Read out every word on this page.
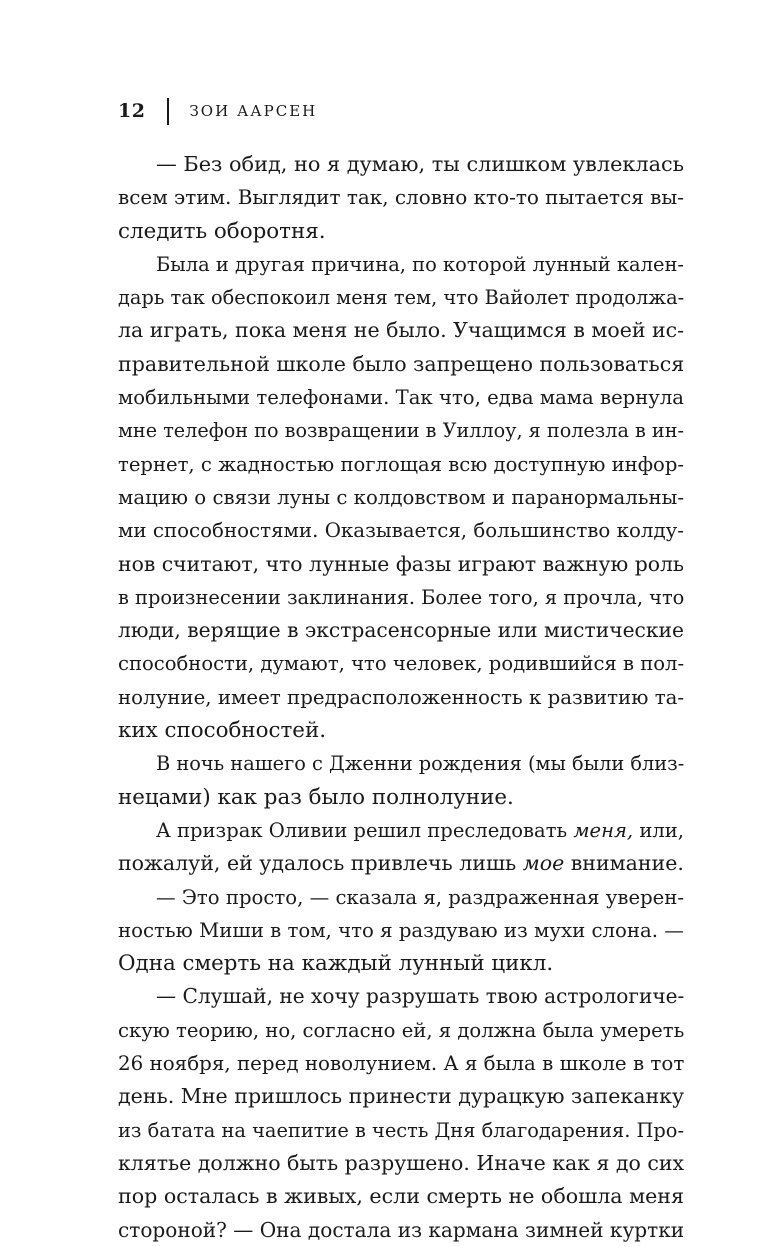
12	ЗОИ ААРСЕН
— Без обид, но я думаю, ты слишком увлеклась
всем этим. Выглядит так, словно кто-то пытается вы-
следить оборотня.
Была и другая причина, по которой лунный кален-
дарь так обеспокоил меня тем, что Вайолет продолжа-
ла играть, пока меня не было. Учащимся в моей ис-
правительной школе было запрещено пользоваться
мобильными телефонами. Так что, едва мама вернула
мне телефон по возвращении в Уиллоу, я полезла в ин-
тернет, с жадностью поглощая всю доступную инфор-
мацию о связи луны с колдовством и паранормальны-
ми способностями. Оказывается, большинство колду-
нов считают, что лунные фазы играют важную роль
в произнесении заклинания. Более того, я прочла, что
люди, верящие в экстрасенсорные или мистические
способности, думают, что человек, родившийся в пол-
нолуние, имеет предрасположенность к развитию та-
ких способностей.
В ночь нашего с Дженни рождения (мы были близ-
нецами) как раз было полнолуние.
А призрак Оливии решил преследовать меня, или,
пожалуй, ей удалось привлечь лишь мое внимание.
— Это просто, — сказала я, раздраженная уверен-
ностью Миши в том, что я раздуваю из мухи слона. —
Одна смерть на каждый лунный цикл.
— Слушай, не хочу разрушать твою астрологиче-
скую теорию, но, согласно ей, я должна была умереть
26 ноября, перед новолунием. А я была в школе в тот
день. Мне пришлось принести дурацкую запеканку
из батата на чаепитие в честь Дня благодарения. Про-
клятье должно быть разрушено. Иначе как я до сих
пор осталась в живых, если смерть не обошла меня
стороной? — Она достала из кармана зимней куртки
